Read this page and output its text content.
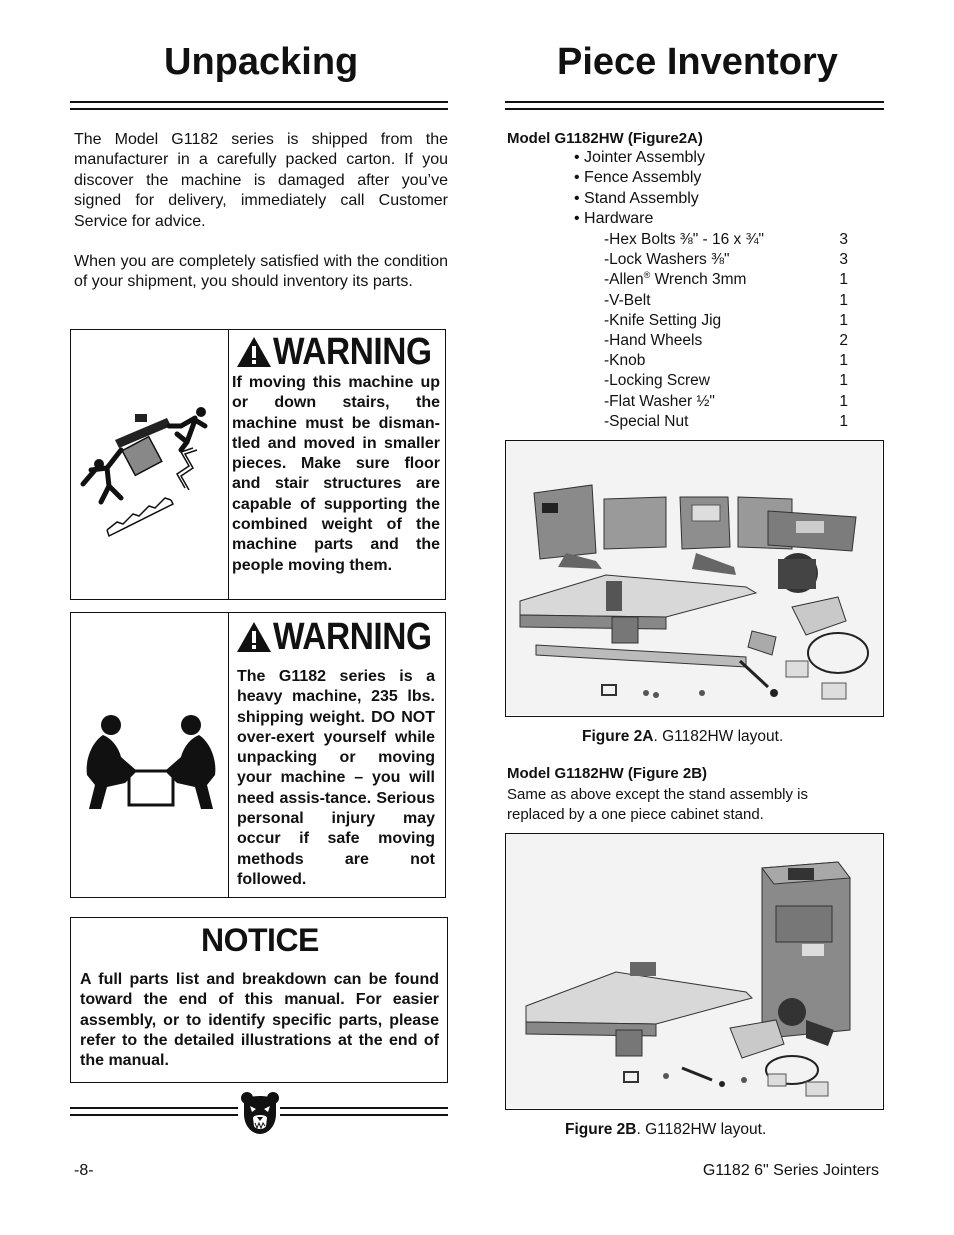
Unpacking
The Model G1182 series is shipped from the manufacturer in a carefully packed carton. If you discover the machine is damaged after you’ve signed for delivery, immediately call Customer Service for advice.
When you are completely satisfied with the condition of your shipment, you should inventory its parts.
WARNING
If moving this machine up or down stairs, the machine must be disman-tled and moved in smaller pieces. Make sure floor and stair structures are capable of supporting the combined weight of the machine parts and the people moving them.
WARNING
The G1182 series is a heavy machine, 235 lbs. shipping weight. DO NOT over-exert yourself while unpacking or moving your machine – you will need assis-tance. Serious personal injury may occur if safe moving methods are not followed.
NOTICE
A full parts list and breakdown can be found toward the end of this manual. For easier assembly, or to identify specific parts, please refer to the detailed illustrations at the end of the manual.
-8-
Piece Inventory
Model G1182HW (Figure2A)
• Jointer Assembly
• Fence Assembly
• Stand Assembly
• Hardware
-Hex Bolts ⅜" - 16 x ¾"	3
-Lock Washers ⅜"	3
-Allen® Wrench 3mm	1
-V-Belt	1
-Knife Setting Jig	1
-Hand Wheels	2
-Knob	1
-Locking Screw	1
-Flat Washer ½"	1
-Special Nut	1
Figure 2A. G1182HW layout.
Model G1182HW (Figure 2B)
Same as above except the stand assembly is
replaced by a one piece cabinet stand.
Figure 2B. G1182HW layout.
G1182 6" Series Jointers
